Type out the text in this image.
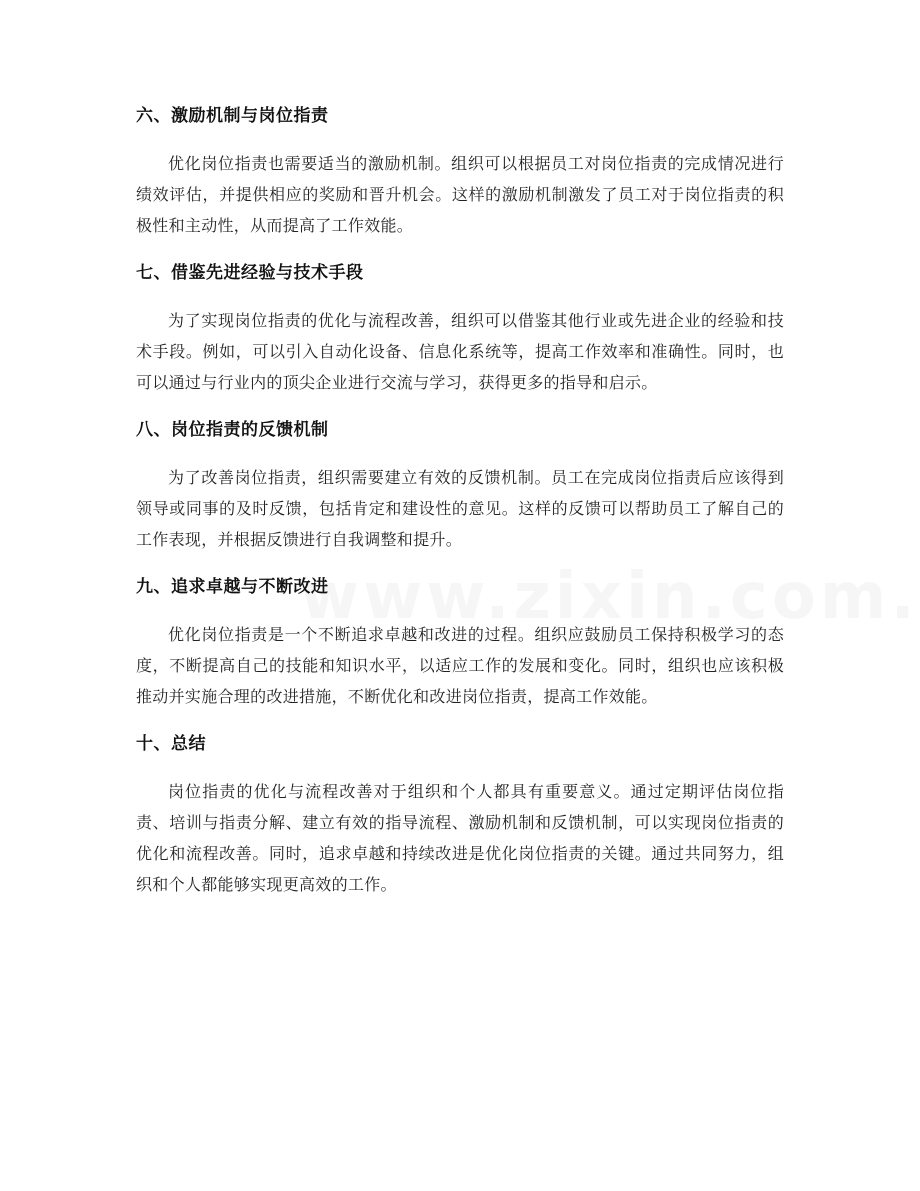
六、激励机制与岗位指责

优化岗位指责也需要适当的激励机制。组织可以根据员工对岗位指责的完成情况进行绩效评估，并提供相应的奖励和晋升机会。这样的激励机制激发了员工对于岗位指责的积极性和主动性，从而提高了工作效能。

七、借鉴先进经验与技术手段

为了实现岗位指责的优化与流程改善，组织可以借鉴其他行业或先进企业的经验和技术手段。例如，可以引入自动化设备、信息化系统等，提高工作效率和准确性。同时，也可以通过与行业内的顶尖企业进行交流与学习，获得更多的指导和启示。

八、岗位指责的反馈机制

为了改善岗位指责，组织需要建立有效的反馈机制。员工在完成岗位指责后应该得到领导或同事的及时反馈，包括肯定和建设性的意见。这样的反馈可以帮助员工了解自己的工作表现，并根据反馈进行自我调整和提升。

九、追求卓越与不断改进

优化岗位指责是一个不断追求卓越和改进的过程。组织应鼓励员工保持积极学习的态度，不断提高自己的技能和知识水平，以适应工作的发展和变化。同时，组织也应该积极推动并实施合理的改进措施，不断优化和改进岗位指责，提高工作效能。

十、总结

岗位指责的优化与流程改善对于组织和个人都具有重要意义。通过定期评估岗位指责、培训与指责分解、建立有效的指导流程、激励机制和反馈机制，可以实现岗位指责的优化和流程改善。同时，追求卓越和持续改进是优化岗位指责的关键。通过共同努力，组织和个人都能够实现更高效的工作。
